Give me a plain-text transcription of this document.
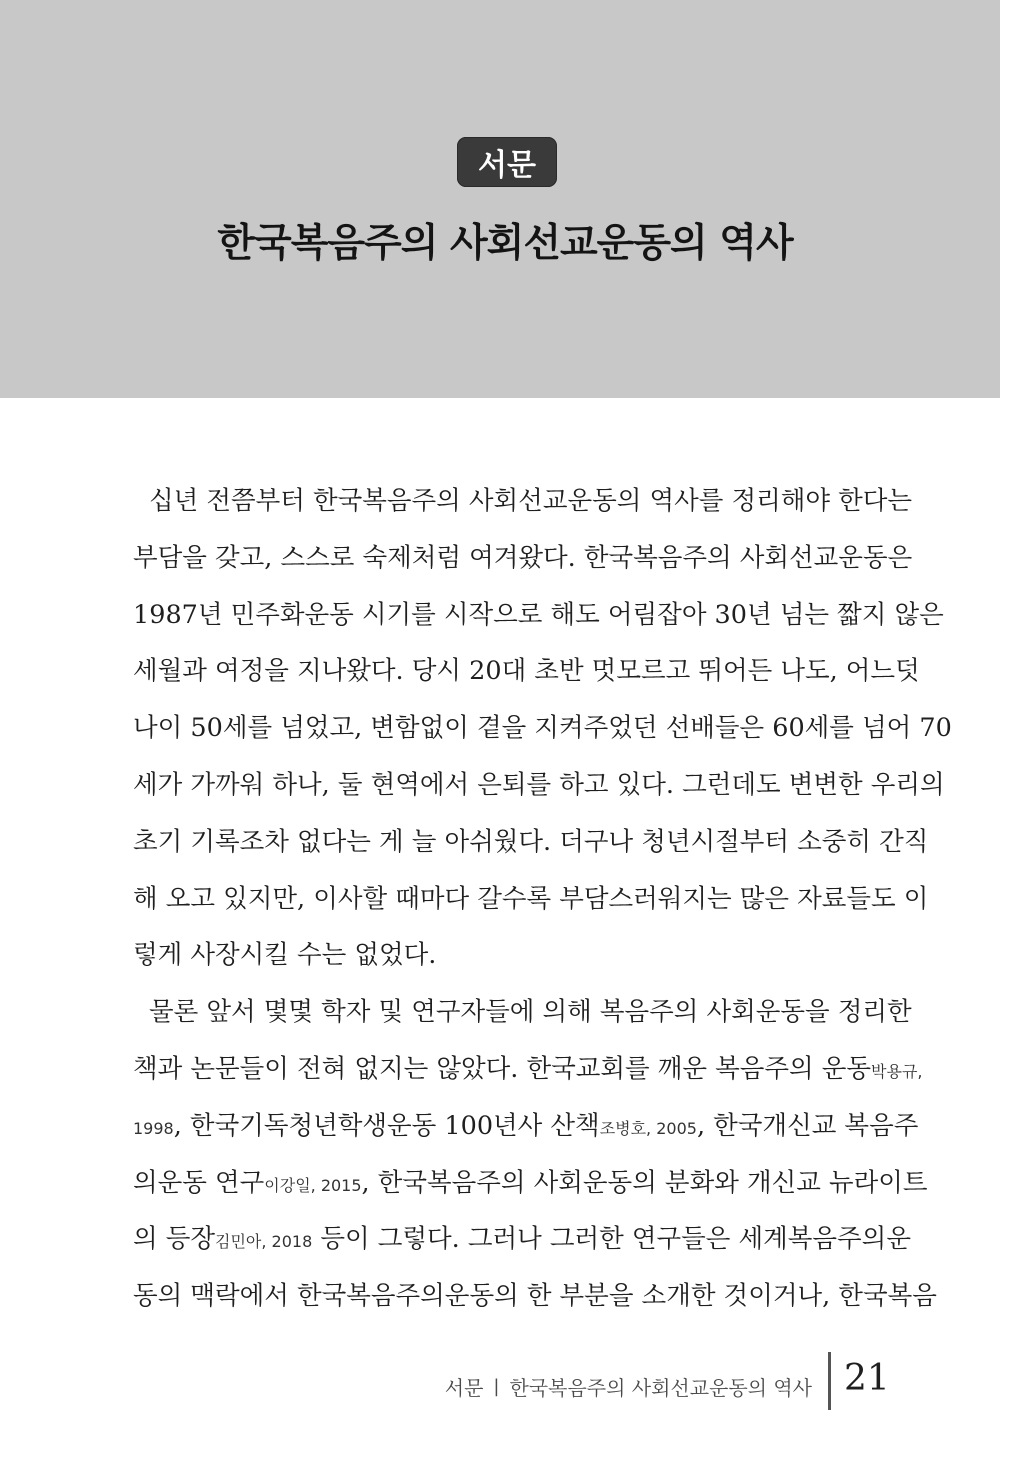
서문
한국복음주의 사회선교운동의 역사
십년 전쯤부터 한국복음주의 사회선교운동의 역사를 정리해야 한다는
부담을 갖고, 스스로 숙제처럼 여겨왔다. 한국복음주의 사회선교운동은
1987년 민주화운동 시기를 시작으로 해도 어림잡아 30년 넘는 짧지 않은
세월과 여정을 지나왔다. 당시 20대 초반 멋모르고 뛰어든 나도, 어느덧
나이 50세를 넘었고, 변함없이 곁을 지켜주었던 선배들은 60세를 넘어 70
세가 가까워 하나, 둘 현역에서 은퇴를 하고 있다. 그런데도 변변한 우리의
초기 기록조차 없다는 게 늘 아쉬웠다. 더구나 청년시절부터 소중히 간직
해 오고 있지만, 이사할 때마다 갈수록 부담스러워지는 많은 자료들도 이
렇게 사장시킬 수는 없었다.
물론 앞서 몇몇 학자 및 연구자들에 의해 복음주의 사회운동을 정리한
책과 논문들이 전혀 없지는 않았다. 한국교회를 깨운 복음주의 운동박용규,
1998, 한국기독청년학생운동 100년사 산책조병호, 2005, 한국개신교 복음주
의운동 연구이강일, 2015, 한국복음주의 사회운동의 분화와 개신교 뉴라이트
의 등장김민아, 2018 등이 그렇다. 그러나 그러한 연구들은 세계복음주의운
동의 맥락에서 한국복음주의운동의 한 부분을 소개한 것이거나, 한국복음
서문 | 한국복음주의 사회선교운동의 역사 21
